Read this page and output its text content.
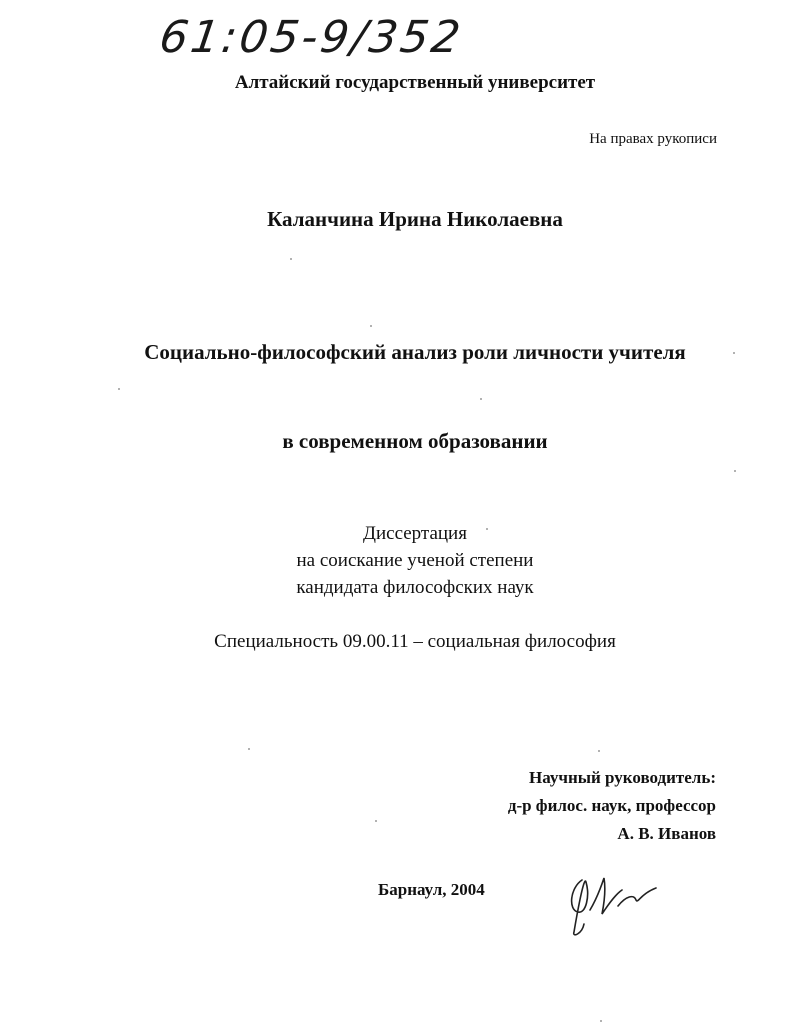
61:05-9/352
Алтайский государственный университет
На правах рукописи
Каланчина Ирина Николаевна
Социально-философский анализ роли личности учителя
в современном образовании
Диссертация
на соискание ученой степени
кандидата философских наук
Специальность 09.00.11 – социальная философия
Научный руководитель:
д-р филос. наук, профессор
А. В. Иванов
Барнаул, 2004
